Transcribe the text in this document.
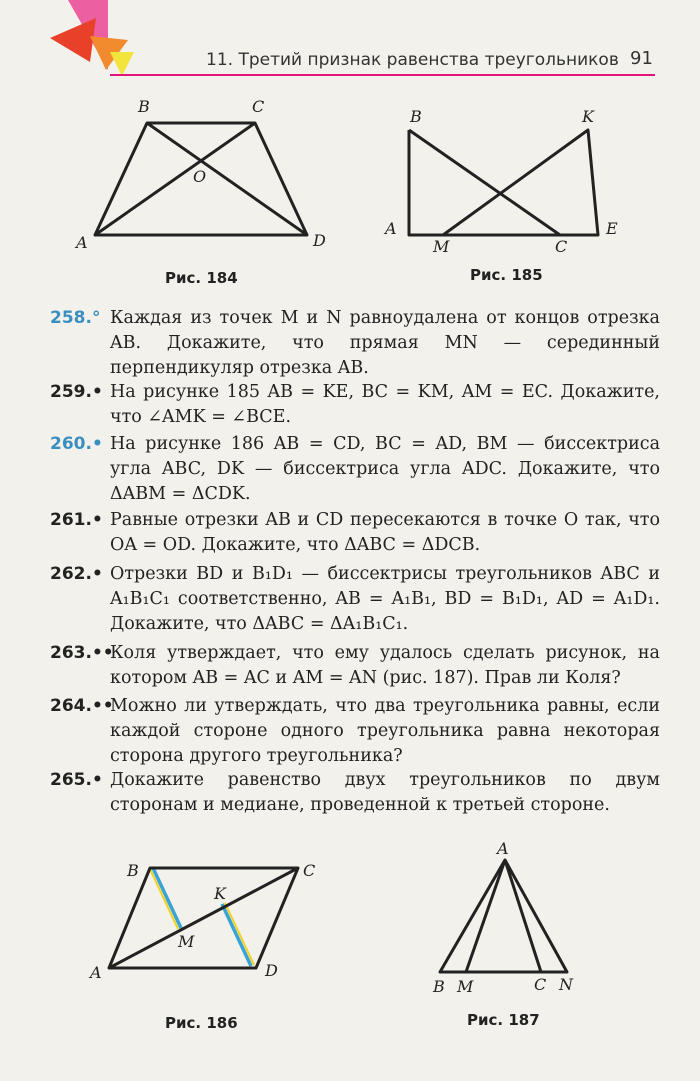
11. Третий признак равенства треугольников 91
B	C
O
A	D
Рис. 184
B	K
A
M	C
E
Рис. 185
258.° Каждая из точек M и N равноудалена от концов отрезка AB. Докажите, что прямая MN — серединный перпендикуляр отрезка AB.
259.• На рисунке 185 AB = KE, BC = KM, AM = EC. Докажите, что ∠AMK = ∠BCE.
260.• На рисунке 186 AB = CD, BC = AD, BM — биссектриса угла ABC, DK — биссектриса угла ADC. Докажите, что ΔABM = ΔCDK.
261.• Равные отрезки AB и CD пересекаются в точке O так, что OA = OD. Докажите, что ΔABC = ΔDCB.
262.• Отрезки BD и B₁D₁ — биссектрисы треугольников ABC и A₁B₁C₁ соответственно, AB = A₁B₁, BD = B₁D₁, AD = A₁D₁. Докажите, что ΔABC = ΔA₁B₁C₁.
263.••
Коля утверждает, что ему удалось сделать рисунок, на котором AB = AC и AM = AN (рис. 187). Прав ли Коля?
264.••
Можно ли утверждать, что два треугольника равны, если каждой стороне одного треугольника равна некоторая сторона другого треугольника?
265.• Докажите равенство двух треугольников по двум сторонам и медиане, проведенной к третьей стороне.
B	C
K
M
A	D
Рис. 186
A
B M	C N
Рис. 187
